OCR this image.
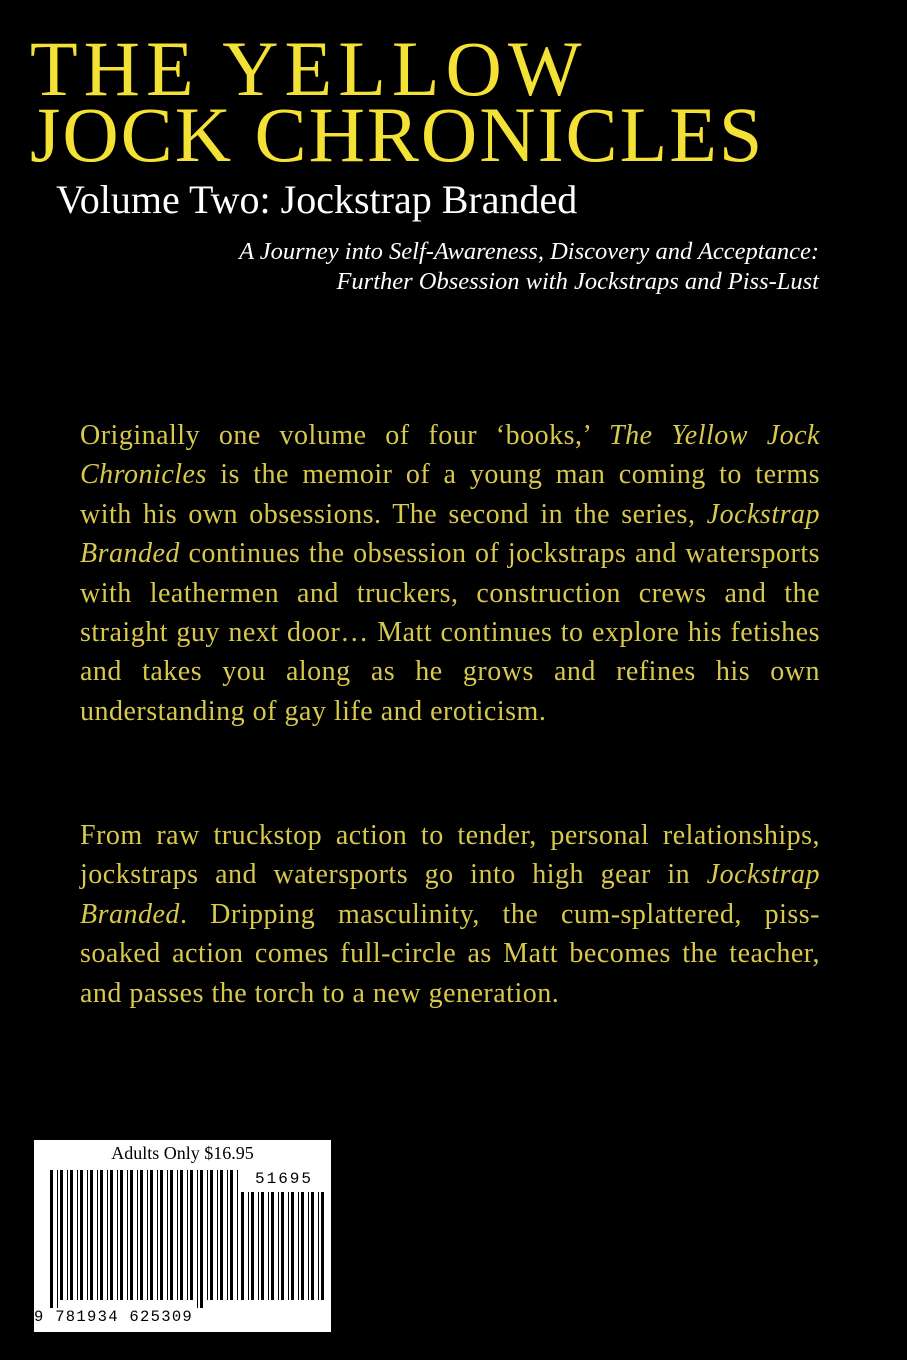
THE YELLOW
JOCK CHRONICLES
Volume Two: Jockstrap Branded

A Journey into Self-Awareness, Discovery and Acceptance:
Further Obsession with Jockstraps and Piss-Lust

Originally one volume of four ‘books,’ The Yellow Jock Chronicles is the memoir of a young man coming to terms with his own obsessions. The second in the series, Jockstrap Branded continues the obsession of jockstraps and watersports with leathermen and truckers, construction crews and the straight guy next door… Matt continues to explore his fetishes and takes you along as he grows and refines his own understanding of gay life and eroticism.

From raw truckstop action to tender, personal relationships, jockstraps and watersports go into high gear in Jockstrap Branded. Dripping masculinity, the cum-splattered, piss-soaked action comes full-circle as Matt becomes the teacher, and passes the torch to a new generation.

Adults Only $16.95
51695
9 781934 625309
